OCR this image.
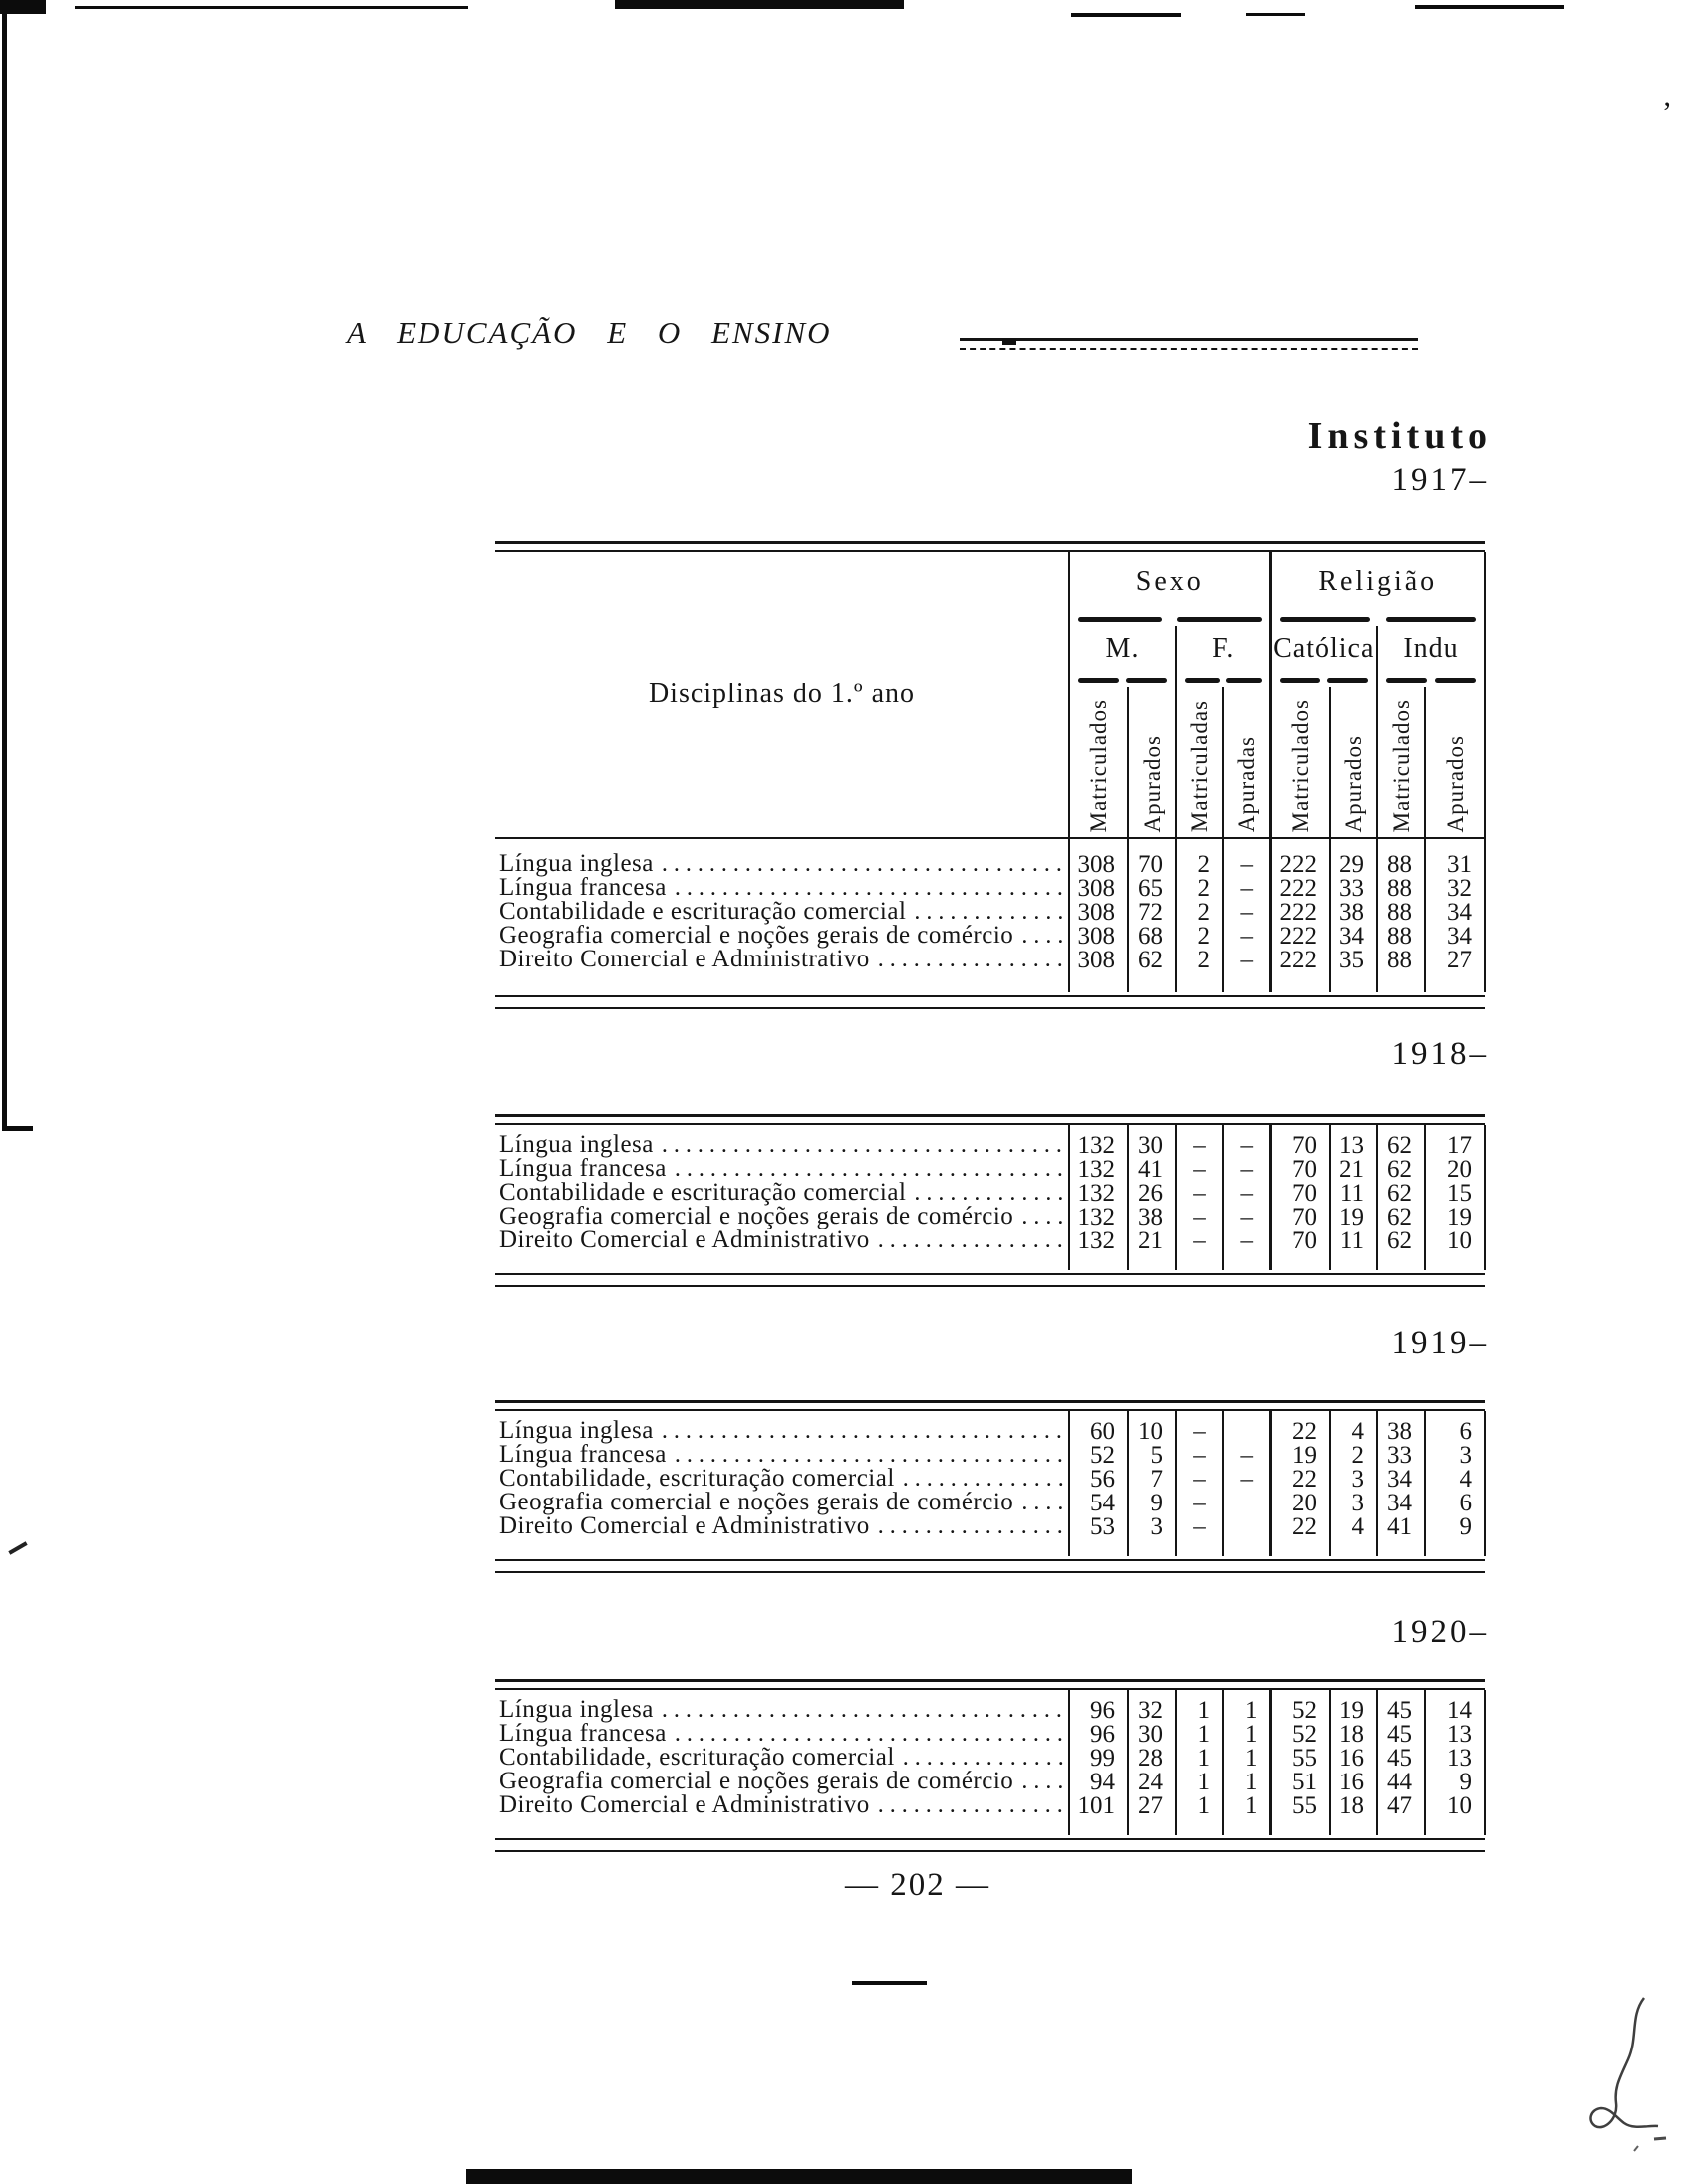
’
A EDUCAÇÃO E O ENSINO
Instituto
1917–
1918–
1919–
1920–
Disciplinas do 1.º ano	Sexo				Religião			

	M.		F.		Católica		Indu	

	Matriculados	Apurados	Matriculadas	Apuradas	Matriculados	Apurados	Matriculados	Apurados

Língua inglesa
.....	308	70	2	–	222	29	88	31

Língua francesa
.....	308	65	2	–	222	33	88	32

Contabilidade e escrituração comercial
.....	308	72	2	–	222	38	88	34

Geografia comercial e noções gerais de comércio
.....	308	68	2	–	222	34	88	34

Direito Comercial e Administrativo
.....	308	62	2	–	222	35	88	27
Língua inglesa
.....	132	30	–	–	70	13	62	17

Língua francesa
.....	132	41	–	–	70	21	62	20

Contabilidade e escrituração comercial
.....	132	26	–	–	70	11	62	15

Geografia comercial e noções gerais de comércio
.....	132	38	–	–	70	19	62	19

Direito Comercial e Administrativo
.....	132	21	–	–	70	11	62	10
Língua inglesa
.....	60	10	–		22	4	38	6

Língua francesa
.....	52	5	–	–	19	2	33	3

Contabilidade, escrituração comercial
.....	56	7	–	–	22	3	34	4

Geografia comercial e noções gerais de comércio
.....	54	9	–		20	3	34	6

Direito Comercial e Administrativo
.....	53	3	–		22	4	41	9
Língua inglesa
.....	96	32	1	1	52	19	45	14

Língua francesa
.....	96	30	1	1	52	18	45	13

Contabilidade, escrituração comercial
.....	99	28	1	1	55	16	45	13

Geografia comercial e noções gerais de comércio
.....	94	24	1	1	51	16	44	9

Direito Comercial e Administrativo
.....	101	27	1	1	55	18	47	10
— 202 —
